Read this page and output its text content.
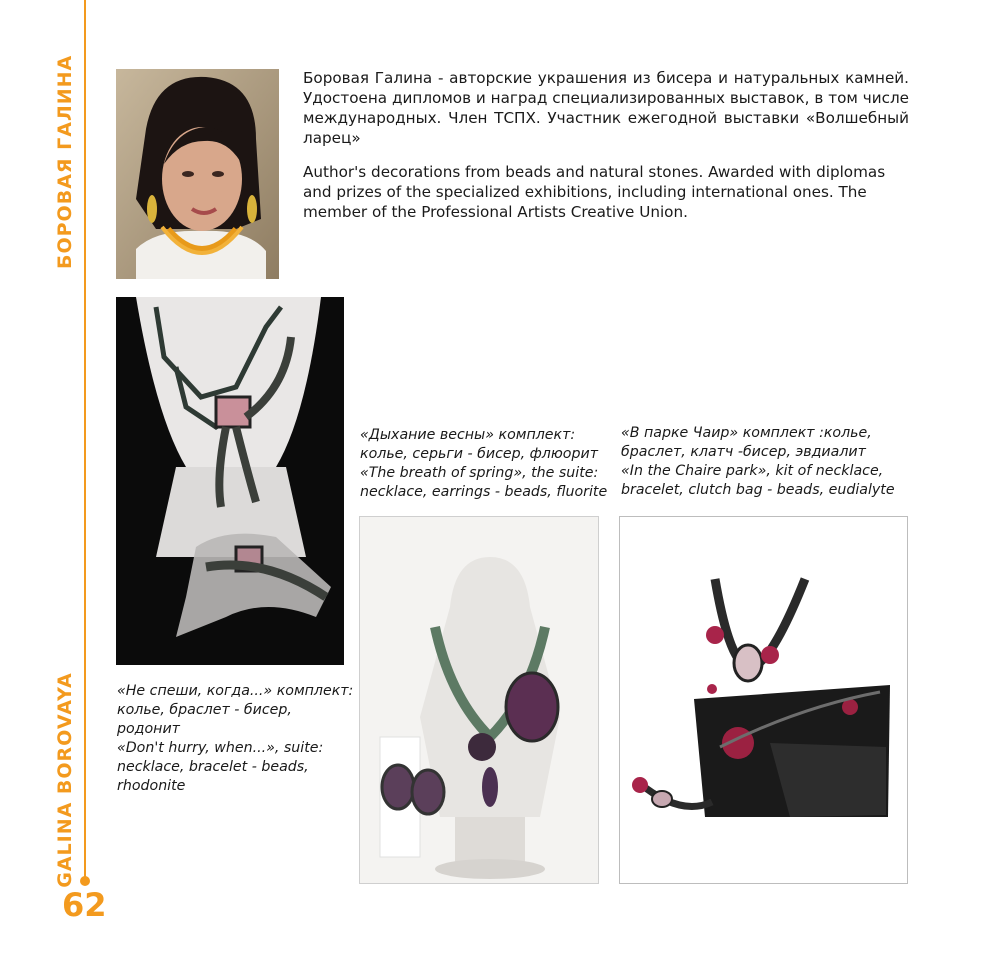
БОРОВАЯ ГАЛИНА
GALINA BOROVAYA
62

Боровая Галина - авторские украшения из бисера и натуральных камней. Удостоена дипломов и наград специализированных выставок, в том числе международных. Член ТСПХ. Участник ежегодной выставки «Волшебный ларец»

Author's decorations from beads and natural stones. Awarded with diplomas and prizes of the specialized exhibitions, including international ones. The member of the Professional Artists Creative Union.

«Не спеши, когда...» комплект:
колье, браслет - бисер,
родонит
«Don't hurry, when...», suite:
necklace, bracelet - beads,
rhodonite
«Дыхание весны» комплект:
колье, серьги - бисер, флюорит
«The breath of spring», the suite:
necklace, earrings - beads, fluorite
«В парке Чаир» комплект :колье,
браслет, клатч -бисер, эвдиалит
«In the Chaire park», kit of necklace,
bracelet, clutch bag - beads, eudialyte
